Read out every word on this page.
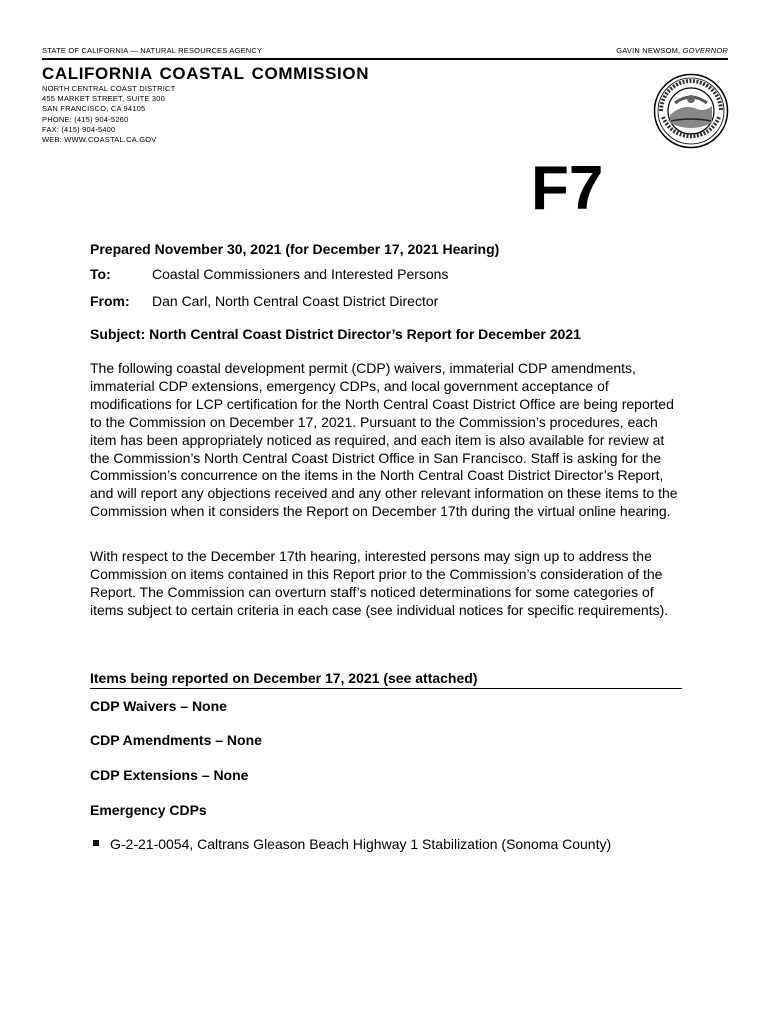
STATE OF CALIFORNIA — NATURAL RESOURCES AGENCY	GAVIN NEWSOM, GOVERNOR
CALIFORNIA COASTAL COMMISSION
NORTH CENTRAL COAST DISTRICT
455 MARKET STREET, SUITE 300
SAN FRANCISCO, CA 94105
PHONE: (415) 904-5260
FAX: (415) 904-5400
WEB: WWW.COASTAL.CA.GOV
F7
Prepared November 30, 2021 (for December 17, 2021 Hearing)
To:	Coastal Commissioners and Interested Persons
From: Dan Carl, North Central Coast District Director
Subject: North Central Coast District Director’s Report for December 2021

The following coastal development permit (CDP) waivers, immaterial CDP amendments, immaterial CDP extensions, emergency CDPs, and local government acceptance of modifications for LCP certification for the North Central Coast District Office are being reported to the Commission on December 17, 2021. Pursuant to the Commission’s procedures, each item has been appropriately noticed as required, and each item is also available for review at the Commission’s North Central Coast District Office in San Francisco. Staff is asking for the Commission’s concurrence on the items in the North Central Coast District Director’s Report, and will report any objections received and any other relevant information on these items to the Commission when it considers the Report on December 17th during the virtual online hearing.

With respect to the December 17th hearing, interested persons may sign up to address the Commission on items contained in this Report prior to the Commission’s consideration of the Report. The Commission can overturn staff’s noticed determinations for some categories of items subject to certain criteria in each case (see individual notices for specific requirements).

Items being reported on December 17, 2021 (see attached)
CDP Waivers – None
CDP Amendments – None
CDP Extensions – None
Emergency CDPs
G-2-21-0054, Caltrans Gleason Beach Highway 1 Stabilization (Sonoma County)
